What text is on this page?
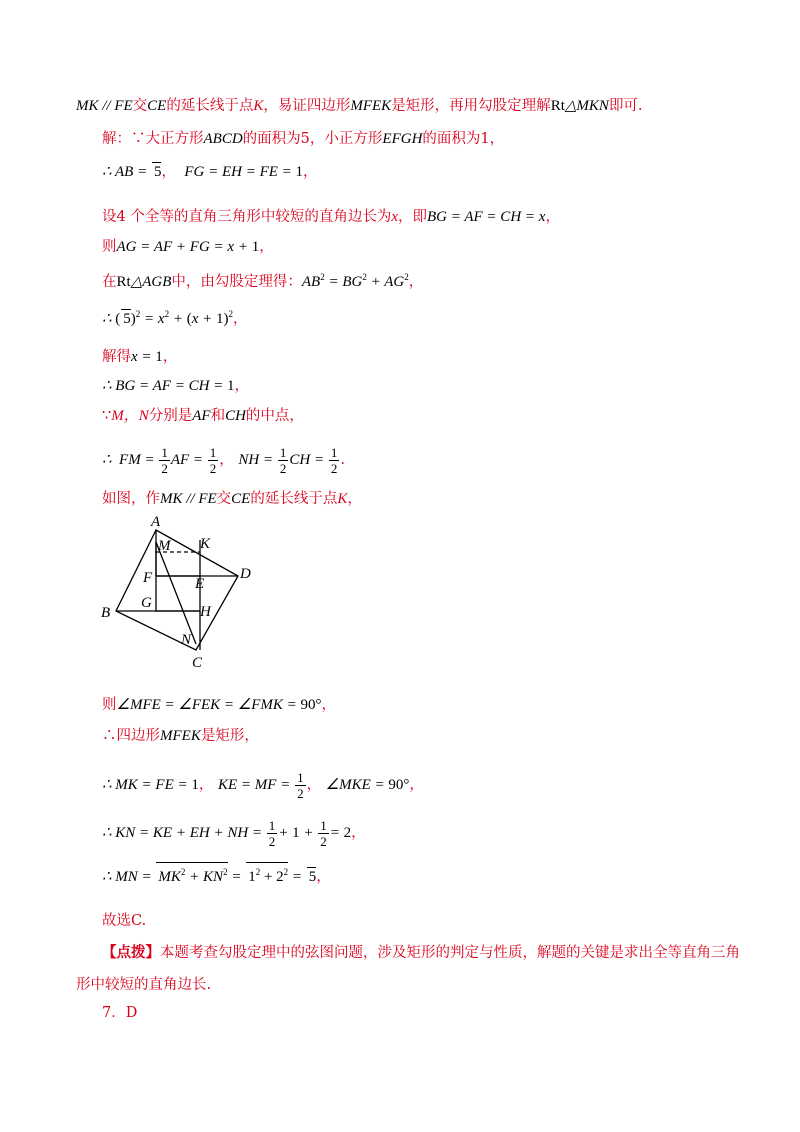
MK // FE交CE的延长线于点K，易证四边形MFEK是矩形，再用勾股定理解Rt△MKN即可.
解：∵大正方形ABCD的面积为5，小正方形EFGH的面积为1，
∴ AB = 5，  FG = EH = FE = 1，
设4 个全等的直角三角形中较短的直角边长为x，即BG = AF = CH = x，
则AG = AF + FG = x + 1，
在Rt△AGB中，由勾股定理得：$AB^2 = BG^2 + AG^2$，
∴ ( $5)^2 = x^2 + (x + 1)^2$，
解得x = 1，
∴ BG = AF = CH = 1，
∵M，N分别是AF和CH的中点，
∴  FM = $\frac{1}{2}$ AF = $\frac{1}{2}$ ， NH = $\frac{1}{2}$ CH = $\frac{1}{2}$ .
如图，作MK // FE交CE的延长线于点K，
A
M K
F	E
D
G
H
B
N
C
则∠MFE = ∠FEK = ∠FMK = 90°，
∴四边形MFEK是矩形，
∴ MK = FE = 1， KE = MF = $\frac{1}{2}$ ， ∠MKE = 90°，
∴ KN = KE + EH + NH = $\frac{1}{2} + 1 + \frac{1}{2} = 2$，
∴ MN = $MK^2 + KN^2 = 1^2 + 2^2 = 5$，
故选C.
【点拨】本题考查勾股定理中的弦图问题，涉及矩形的判定与性质，解题的关键是求出全等直角三角
形中较短的直角边长.
7．D
